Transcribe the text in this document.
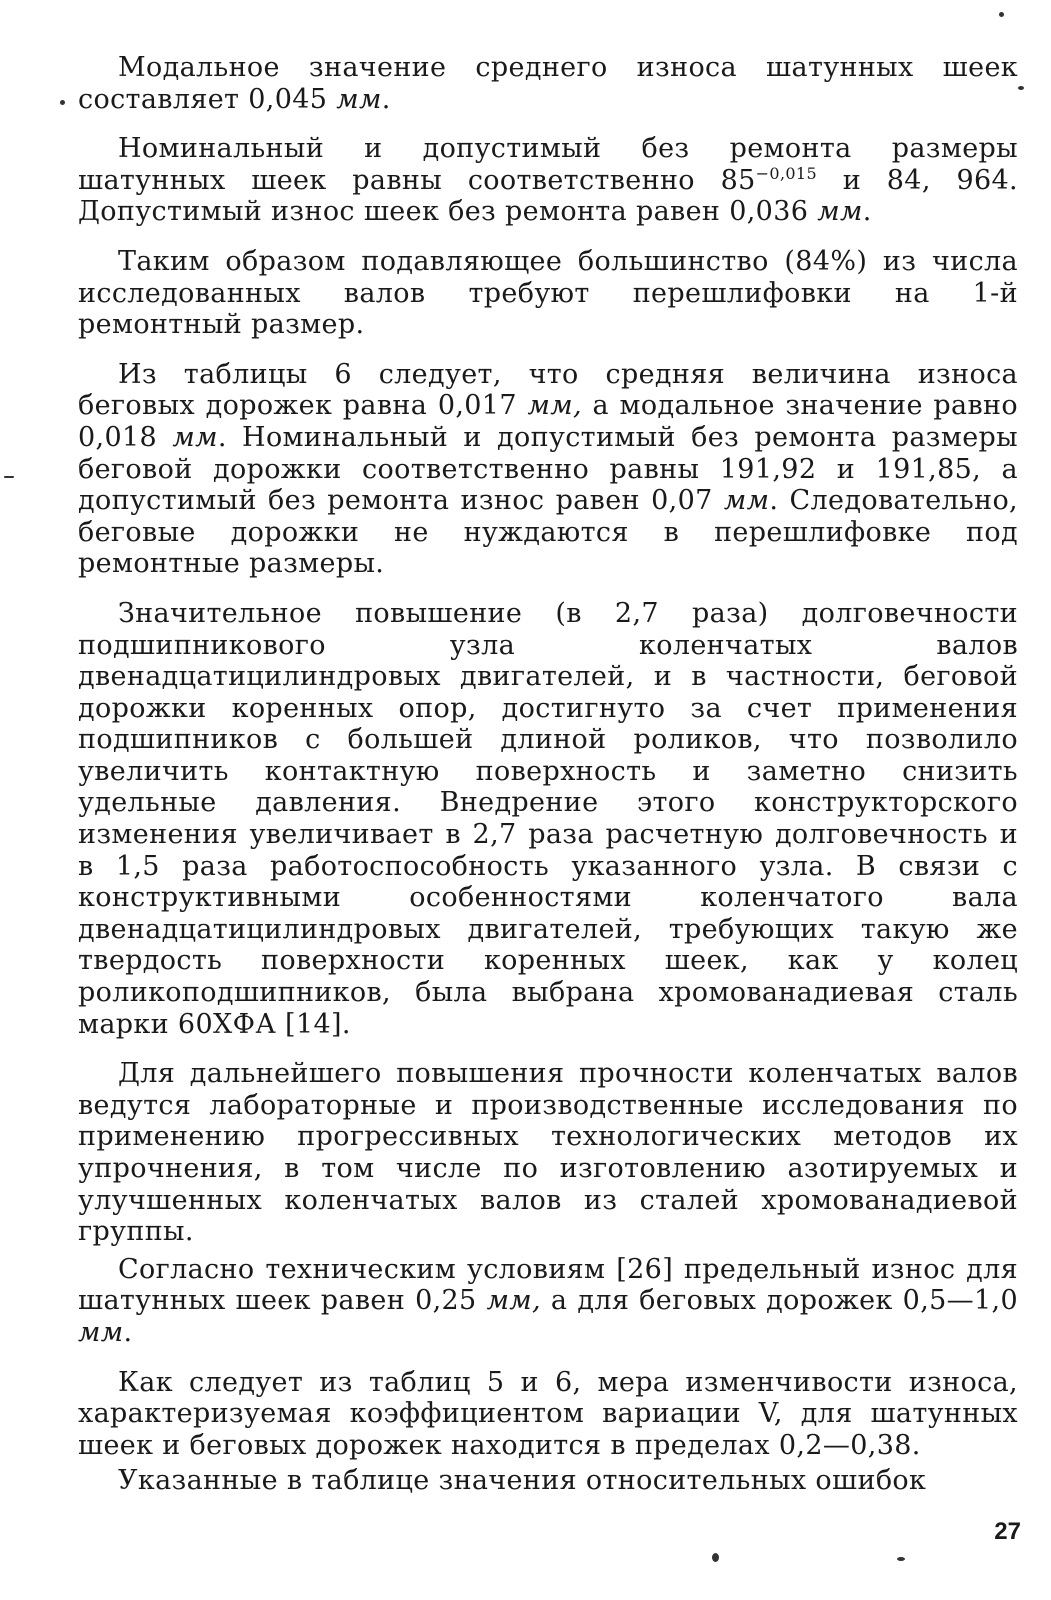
Модальное значение среднего износа шатунных шеек составляет 0,045 мм.

Номинальный и допустимый без ремонта размеры шатунных шеек равны соответственно $85^{-0,015}$ и 84, 964. Допустимый износ шеек без ремонта равен 0,036 мм.

Таким образом подавляющее большинство (84%) из числа исследованных валов требуют перешлифовки на 1-й ремонтный размер.

Из таблицы 6 следует, что средняя величина износа беговых дорожек равна 0,017 мм, а модальное значение равно 0,018 мм. Номинальный и допустимый без ремонта размеры беговой дорожки соответственно равны 191,92 и 191,85, а допустимый без ремонта износ равен 0,07 мм. Следовательно, беговые дорожки не нуждаются в перешлифовке под ремонтные размеры.

Значительное повышение (в 2,7 раза) долговечности подшипникового узла коленчатых валов двенадцатицилиндровых двигателей, и в частности, беговой дорожки коренных опор, достигнуто за счет применения подшипников с большей длиной роликов, что позволило увеличить контактную поверхность и заметно снизить удельные давления. Внедрение этого конструкторского изменения увеличивает в 2,7 раза расчетную долговечность и в 1,5 раза работоспособность указанного узла. В связи с конструктивными особенностями коленчатого вала двенадцатицилиндровых двигателей, требующих такую же твердость поверхности коренных шеек, как у колец роликоподшипников, была выбрана хромованадиевая сталь марки 60ХФА [14].

Для дальнейшего повышения прочности коленчатых валов ведутся лабораторные и производственные исследования по применению прогрессивных технологических методов их упрочнения, в том числе по изготовлению азотируемых и улучшенных коленчатых валов из сталей хромованадиевой группы.

Согласно техническим условиям [26] предельный износ для шатунных шеек равен 0,25 мм, а для беговых дорожек 0,5—1,0 мм.

Как следует из таблиц 5 и 6, мера изменчивости износа, характеризуемая коэффициентом вариации V, для шатунных шеек и беговых дорожек находится в пределах 0,2—0,38.

Указанные в таблице значения относительных ошибок

27
